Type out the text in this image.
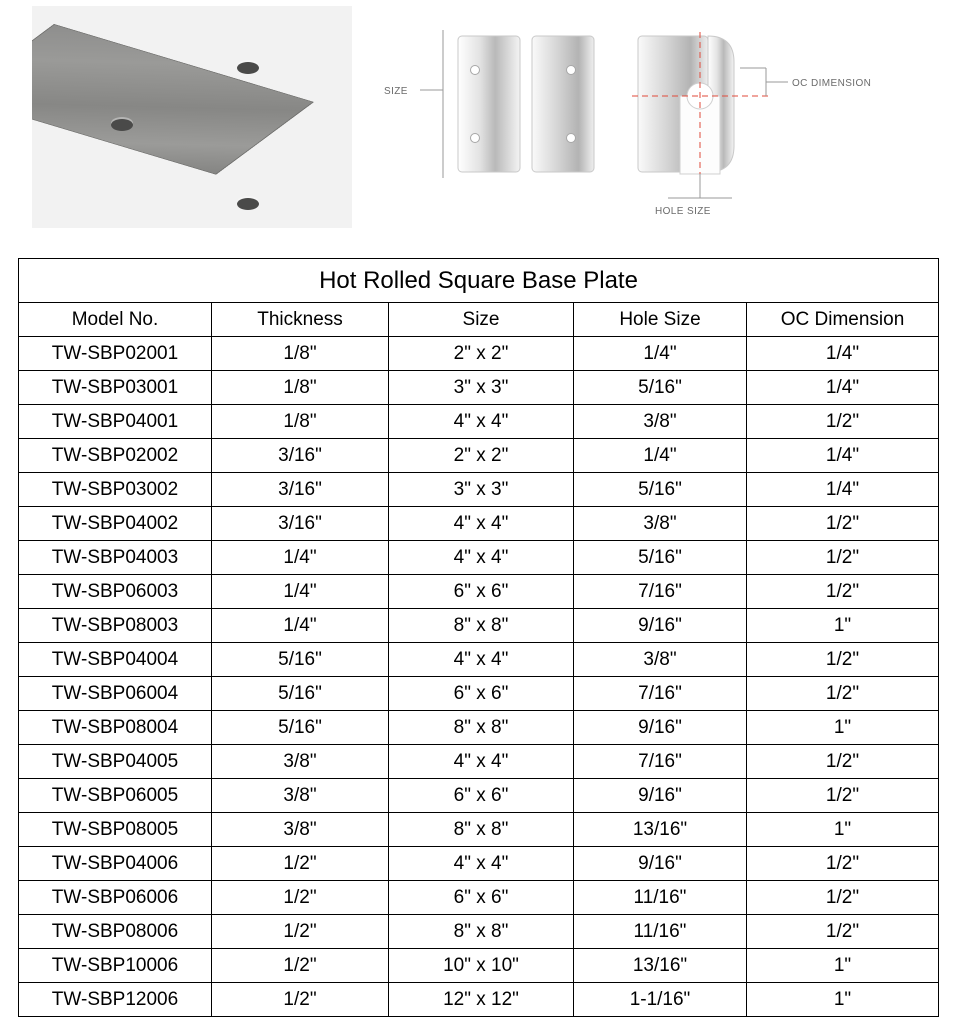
SIZE
OC DIMENSION
HOLE SIZE
Hot Rolled Square Base Plate				
Model No.	Thickness	Size	Hole Size	OC Dimension
TW-SBP02001	1/8"	2" x 2"	1/4"	1/4"
TW-SBP03001	1/8"	3" x 3"	5/16"	1/4"
TW-SBP04001	1/8"	4" x 4"	3/8"	1/2"
TW-SBP02002	3/16"	2" x 2"	1/4"	1/4"
TW-SBP03002	3/16"	3" x 3"	5/16"	1/4"
TW-SBP04002	3/16"	4" x 4"	3/8"	1/2"
TW-SBP04003	1/4"	4" x 4"	5/16"	1/2"
TW-SBP06003	1/4"	6" x 6"	7/16"	1/2"
TW-SBP08003	1/4"	8" x 8"	9/16"	1"
TW-SBP04004	5/16"	4" x 4"	3/8"	1/2"
TW-SBP06004	5/16"	6" x 6"	7/16"	1/2"
TW-SBP08004	5/16"	8" x 8"	9/16"	1"
TW-SBP04005	3/8"	4" x 4"	7/16"	1/2"
TW-SBP06005	3/8"	6" x 6"	9/16"	1/2"
TW-SBP08005	3/8"	8" x 8"	13/16"	1"
TW-SBP04006	1/2"	4" x 4"	9/16"	1/2"
TW-SBP06006	1/2"	6" x 6"	11/16"	1/2"
TW-SBP08006	1/2"	8" x 8"	11/16"	1/2"
TW-SBP10006	1/2"	10" x 10"	13/16"	1"
TW-SBP12006	1/2"	12" x 12"	1-1/16"	1"
